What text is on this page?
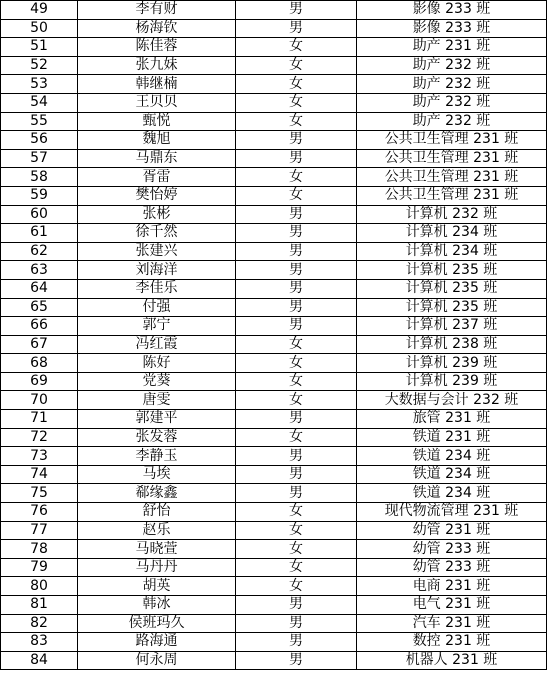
49	李有财	男	影像 233 班
50	杨海钦	男	影像 233 班
51	陈佳蓉	女	助产 231 班
52	张九妹	女	助产 232 班
53	韩继楠	女	助产 232 班
54	王贝贝	女	助产 232 班
55	甄悦	女	助产 232 班
56	魏旭	男	公共卫生管理 231 班
57	马鼎东	男	公共卫生管理 231 班
58	胥雷	女	公共卫生管理 231 班
59	樊怡婷	女	公共卫生管理 231 班
60	张彬	男	计算机 232 班
61	徐千然	男	计算机 234 班
62	张建兴	男	计算机 234 班
63	刘海洋	男	计算机 235 班
64	李佳乐	男	计算机 235 班
65	付强	男	计算机 235 班
66	郭宁	男	计算机 237 班
67	冯红霞	女	计算机 238 班
68	陈好	女	计算机 239 班
69	党葵	女	计算机 239 班
70	唐雯	女	大数据与会计 232 班
71	郭建平	男	旅管 231 班
72	张发蓉	女	铁道 231 班
73	李静玉	男	铁道 234 班
74	马埃	男	铁道 234 班
75	郗缘鑫	男	铁道 234 班
76	舒怡	女	现代物流管理 231 班
77	赵乐	女	幼管 231 班
78	马晓萱	女	幼管 233 班
79	马丹丹	女	幼管 233 班
80	胡英	女	电商 231 班
81	韩冰	男	电气 231 班
82	侯班玛久	男	汽车 231 班
83	路海通	男	数控 231 班
84	何永周	男	机器人 231 班
